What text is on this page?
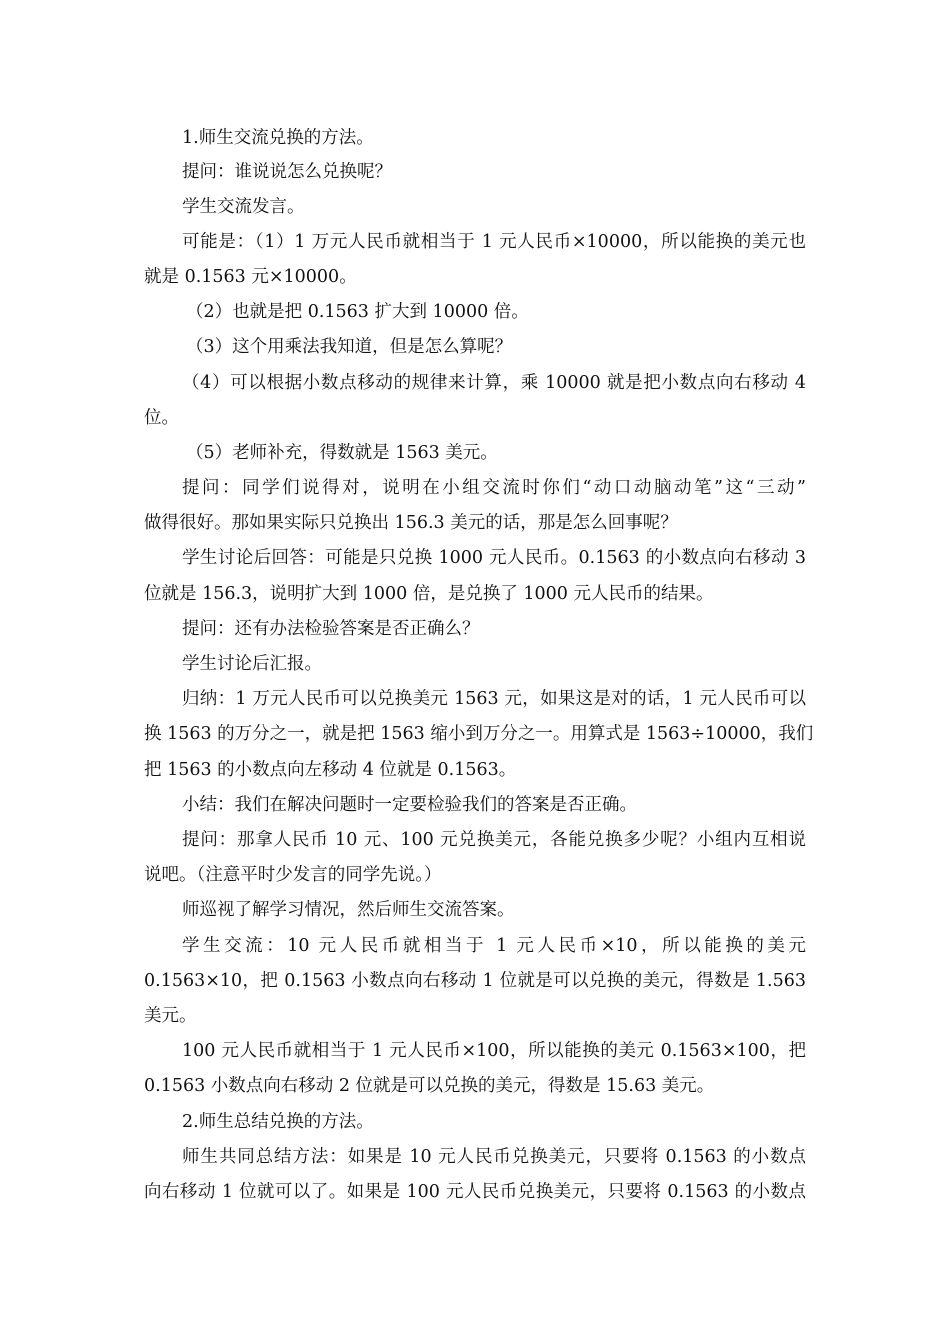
1.师生交流兑换的方法。
提问：谁说说怎么兑换呢？
学生交流发言。
可能是：（1）1 万元人民币就相当于 1 元人民币×10000，所以能换的美元也
就是 0.1563 元×10000。
（2）也就是把 0.1563 扩大到 10000 倍。
（3）这个用乘法我知道，但是怎么算呢？
（4）可以根据小数点移动的规律来计算，乘 10000 就是把小数点向右移动 4
位。
（5）老师补充，得数就是 1563 美元。
提问：同学们说得对，说明在小组交流时你们“动口动脑动笔”这“三动”
做得很好。那如果实际只兑换出 156.3 美元的话，那是怎么回事呢？
学生讨论后回答：可能是只兑换 1000 元人民币。0.1563 的小数点向右移动 3
位就是 156.3，说明扩大到 1000 倍，是兑换了 1000 元人民币的结果。
提问：还有办法检验答案是否正确么？
学生讨论后汇报。
归纳：1 万元人民币可以兑换美元 1563 元，如果这是对的话，1 元人民币可以
换 1563 的万分之一，就是把 1563 缩小到万分之一。用算式是 1563÷10000，我们
把 1563 的小数点向左移动 4 位就是 0.1563。
小结：我们在解决问题时一定要检验我们的答案是否正确。
提问：那拿人民币 10 元、100 元兑换美元，各能兑换多少呢？小组内互相说
说吧。（注意平时少发言的同学先说。）
师巡视了解学习情况，然后师生交流答案。
学生交流：10 元人民币就相当于 1 元人民币×10，所以能换的美元
0.1563×10，把 0.1563 小数点向右移动 1 位就是可以兑换的美元，得数是 1.563
美元。
100 元人民币就相当于 1 元人民币×100，所以能换的美元 0.1563×100，把
0.1563 小数点向右移动 2 位就是可以兑换的美元，得数是 15.63 美元。
2.师生总结兑换的方法。
师生共同总结方法：如果是 10 元人民币兑换美元，只要将 0.1563 的小数点
向右移动 1 位就可以了。如果是 100 元人民币兑换美元，只要将 0.1563 的小数点
